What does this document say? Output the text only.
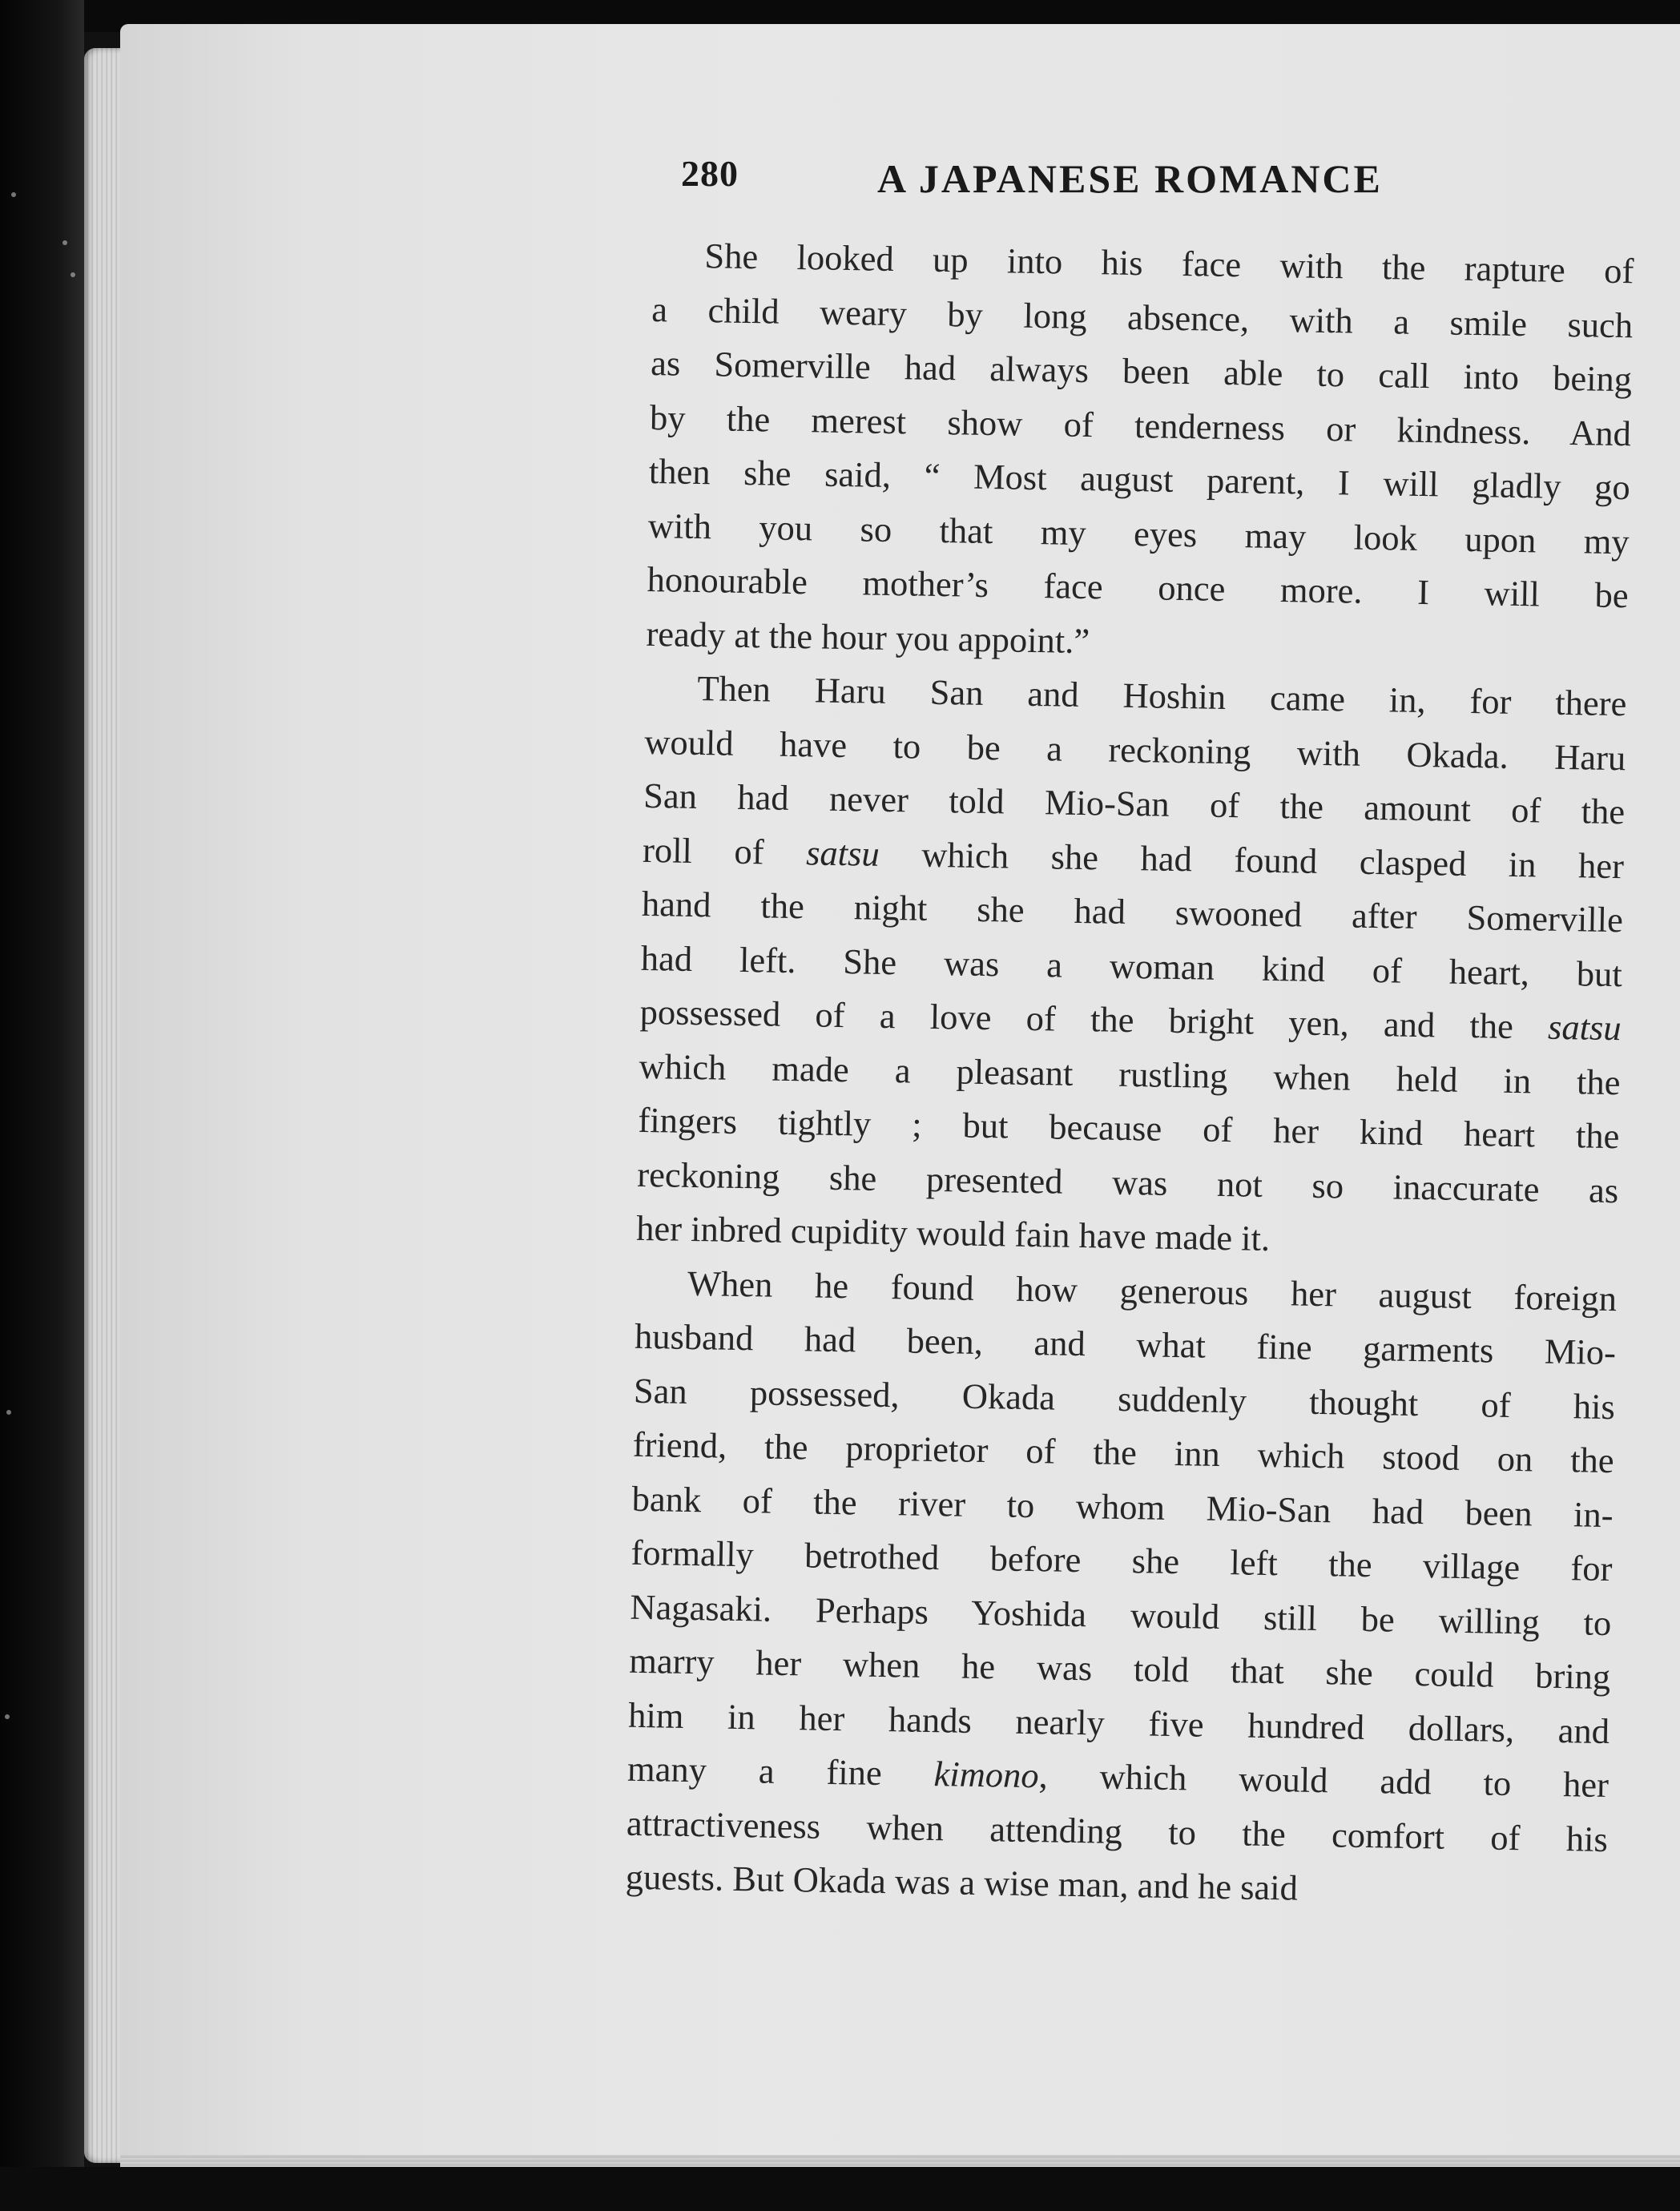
280	A JAPANESE ROMANCE
She looked up into his face with the rapture of
a child weary by long absence, with a smile such
as Somerville had always been able to call into being
by the merest show of tenderness or kindness. And
then she said, “ Most august parent, I will gladly go
with you so that my eyes may look upon my
honourable mother’s face once more. I will be
ready at the hour you appoint.”
Then Haru San and Hoshin came in, for there
would have to be a reckoning with Okada. Haru
San had never told Mio-San of the amount of the
roll of satsu which she had found clasped in her
hand the night she had swooned after Somerville
had left. She was a woman kind of heart, but
possessed of a love of the bright yen, and the satsu
which made a pleasant rustling when held in the
fingers tightly ; but because of her kind heart the
reckoning she presented was not so inaccurate as
her inbred cupidity would fain have made it.
When he found how generous her august foreign
husband had been, and what fine garments Mio-
San possessed, Okada suddenly thought of his
friend, the proprietor of the inn which stood on the
bank of the river to whom Mio-San had been in-
formally betrothed before she left the village for
Nagasaki. Perhaps Yoshida would still be willing to
marry her when he was told that she could bring
him in her hands nearly five hundred dollars, and
many a fine kimono, which would add to her
attractiveness when attending to the comfort of his
guests. But Okada was a wise man, and he said
